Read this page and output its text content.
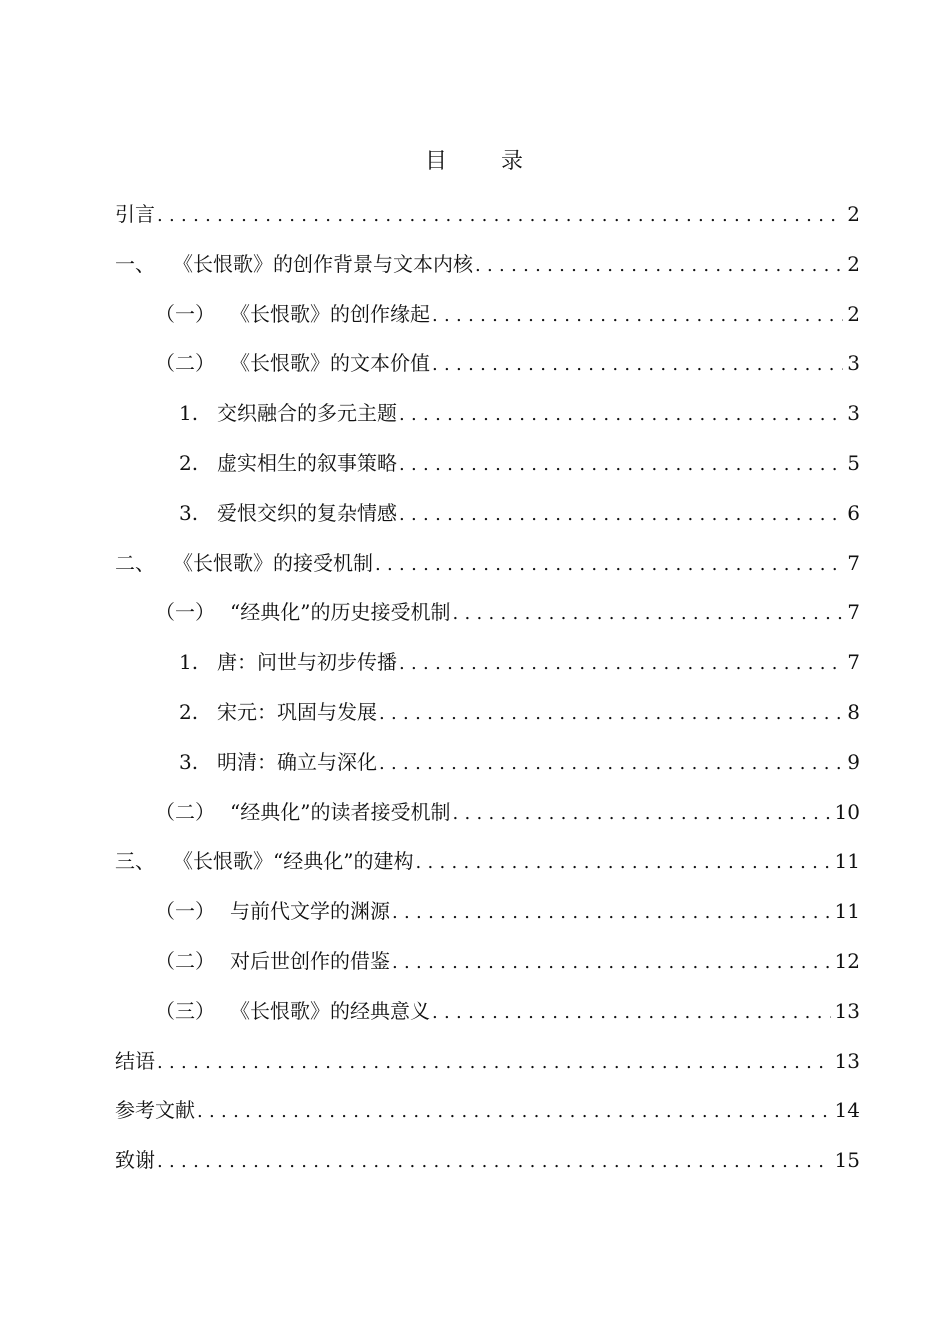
目 录
引言 .....	2
一、 《长恨歌》的创作背景与文本内核 .....	2
（一） 《长恨歌》的创作缘起 .....	2
（二） 《长恨歌》的文本价值 .....	3
1. 交织融合的多元主题 .....	3
2. 虚实相生的叙事策略 .....	5
3. 爱恨交织的复杂情感 .....	6
二、 《长恨歌》的接受机制 .....	7
（一） “经典化”的历史接受机制 .....	7
1. 唐：问世与初步传播 .....	7
2. 宋元：巩固与发展 .....	8
3. 明清：确立与深化 .....	9
（二） “经典化”的读者接受机制 .....	10
三、 《长恨歌》“经典化”的建构 .....	11
（一） 与前代文学的渊源 .....	11
（二） 对后世创作的借鉴 .....	12
（三） 《长恨歌》的经典意义 .....	13
结语 .....	13
参考文献 .....	14
致谢 .....	15
